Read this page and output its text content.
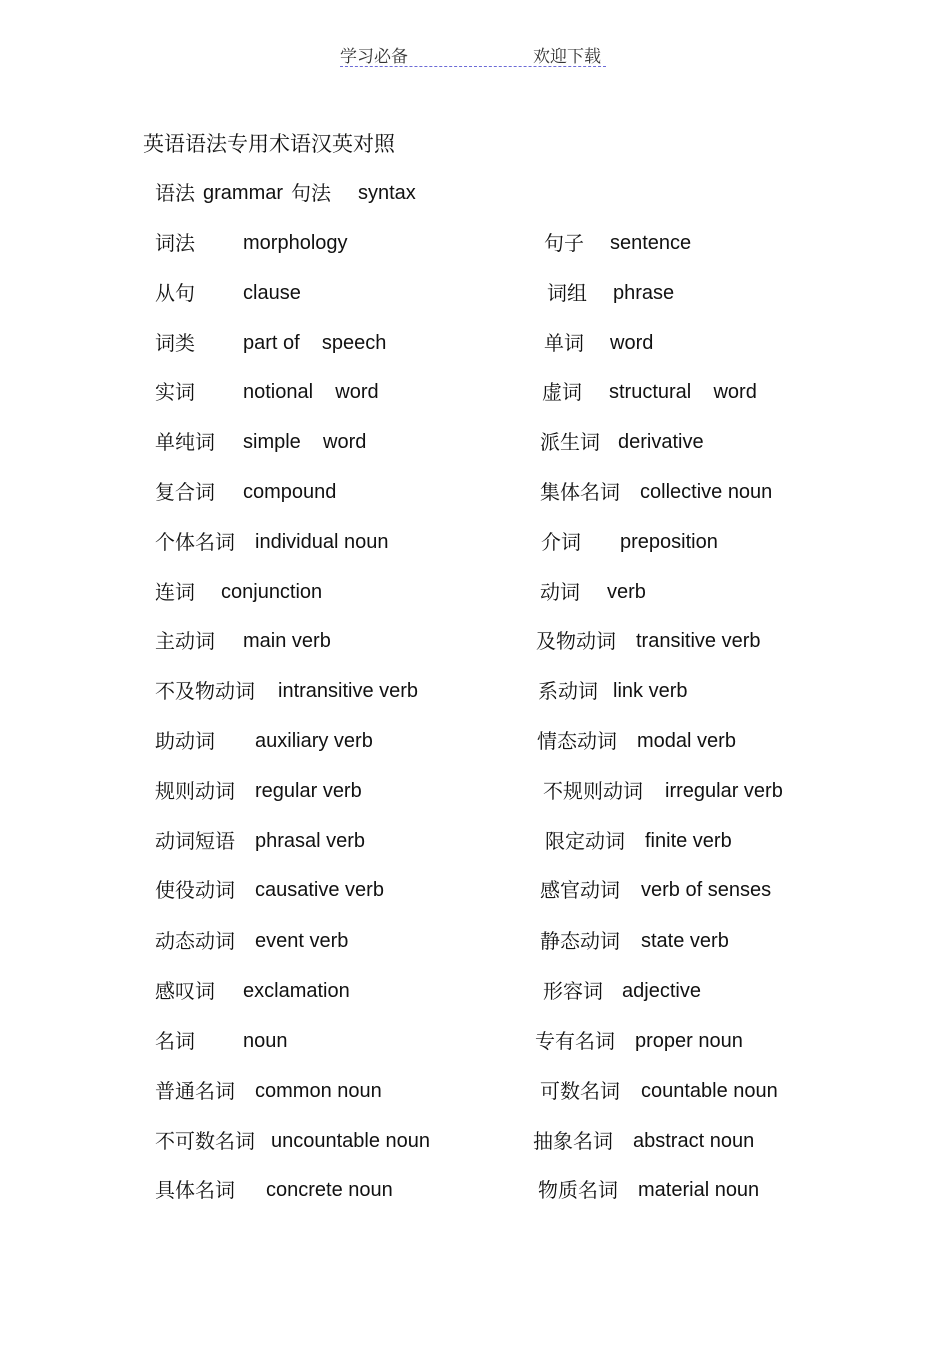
学习必备	欢迎下载
英语语法专用术语汉英对照
语法 grammar 句法 syntax
词法 morphology
从句 clause
词类 part of    speech
实词 notional    word
单纯词 simple    word
复合词 compound
个体名词 individual noun
连词 conjunction
主动词 main verb
不及物动词 intransitive verb
助动词 auxiliary verb
规则动词 regular verb
动词短语 phrasal verb
使役动词 causative verb
动态动词 event verb
感叹词 exclamation
名词 noun
普通名词 common noun
不可数名词 uncountable noun
具体名词 concrete noun
句子 sentence
词组 phrase
单词 word
虚词 structural    word
派生词 derivative
集体名词 collective noun
介词 preposition
动词 verb
及物动词 transitive verb
系动词 link verb
情态动词 modal verb
不规则动词 irregular verb
限定动词 finite verb
感官动词 verb of senses
静态动词 state verb
形容词 adjective
专有名词 proper noun
可数名词 countable noun
抽象名词 abstract noun
物质名词 material noun
